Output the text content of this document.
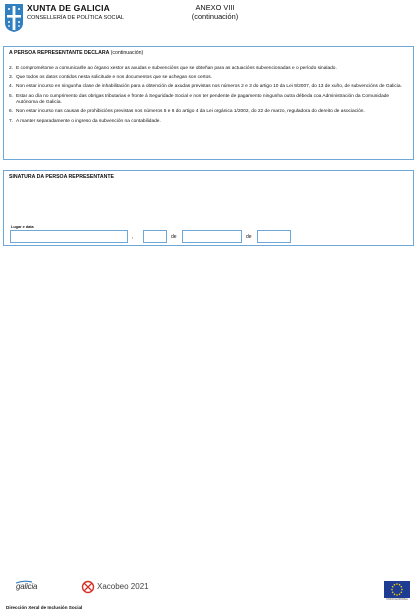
XUNTA DE GALICIA
CONSELLERÍA DE POLÍTICA SOCIAL
ANEXO VIII
(continuación)
A PERSOA REPRESENTANTE DECLARA (continuación)
2. E comprométome a comunicarlle ao órgano xestor as axudas e subvencións que se obteñan para as actuacións subvencionadas e o período sinalado.
3. Que todos os datos contidos nesta solicitude e nos documentos que se achegan son certos.
4. Non estar incurso en ningunha clase de inhabilitación para a obtención de axudas previstas nos números 2 e 3 do artigo 10 da Lei 9/2007, do 13 de xuño, de subvencións de Galicia.
5. Estar ao día no cumprimento das obrigas tributarias e fronte á Seguridade Social e non ter pendente de pagamento ningunha outra débeda coa Administración da Comunidade Autónoma de Galicia.
6. Non estar incurso nas causas de prohibicións previstas nos números 5 e 6 do artigo 4 da Lei orgánica 1/2002, do 22 de marzo, reguladora do dereito de asociación.
7. A manter separadamente o ingreso da subvención na contabilidade.
SINATURA DA PERSOA REPRESENTANTE
Lugar e data
,	de	de
galicia	Xacobeo 2021
UNIÓN EUROPEA
Dirección Xeral de Inclusión Social
